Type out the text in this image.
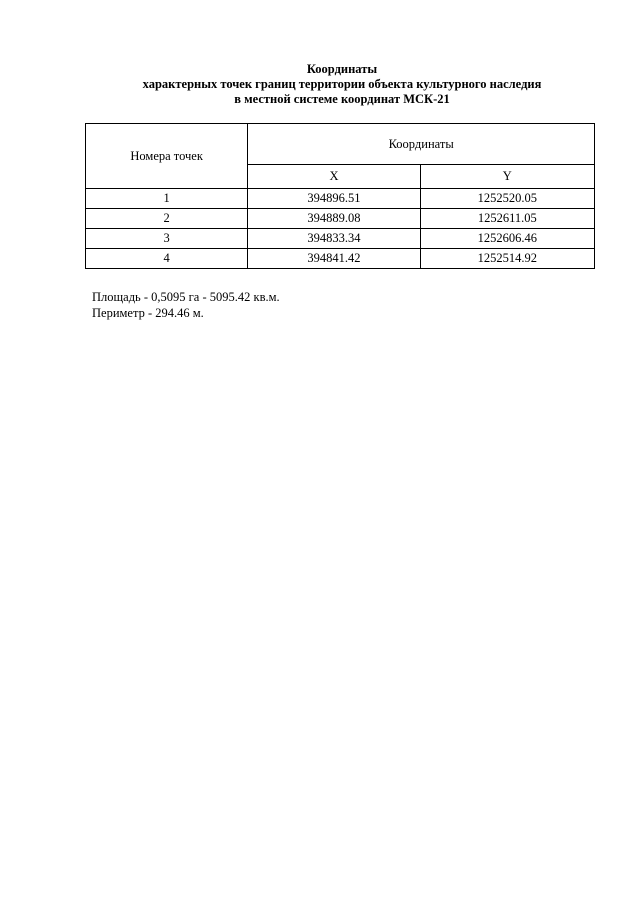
Координаты
характерных точек границ территории объекта культурного наследия
в местной системе координат МСК-21
Номера точек	Координаты	
	X	Y
1	394896.51	1252520.05
2	394889.08	1252611.05
3	394833.34	1252606.46
4	394841.42	1252514.92
Площадь - 0,5095 га - 5095.42 кв.м.
Периметр - 294.46 м.
